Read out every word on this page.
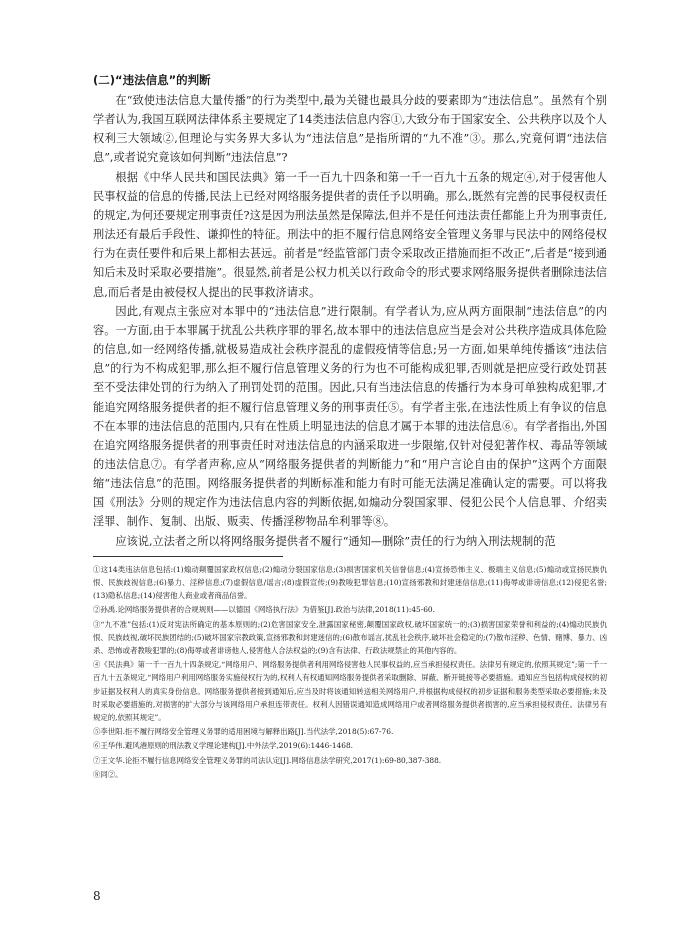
(二)“违法信息”的判断

在“致使违法信息大量传播”的行为类型中,最为关键也最具分歧的要素即为“违法信息”。虽然有个别学者认为,我国互联网法律体系主要规定了14类违法信息内容①,大致分布于国家安全、公共秩序以及个人权利三大领域②,但理论与实务界大多认为“违法信息”是指所谓的“九不准”③。那么,究竟何谓“违法信息”,或者说究竟该如何判断“违法信息”?

根据《中华人民共和国民法典》第一千一百九十四条和第一千一百九十五条的规定④,对于侵害他人民事权益的信息的传播,民法上已经对网络服务提供者的责任予以明确。那么,既然有完善的民事侵权责任的规定,为何还要规定刑事责任?这是因为刑法虽然是保障法,但并不是任何违法责任都能上升为刑事责任,刑法还有最后手段性、谦抑性的特征。刑法中的拒不履行信息网络安全管理义务罪与民法中的网络侵权行为在责任要件和后果上都相去甚远。前者是“经监管部门责令采取改正措施而拒不改正”,后者是“接到通知后未及时采取必要措施”。很显然,前者是公权力机关以行政命令的形式要求网络服务提供者删除违法信息,而后者是由被侵权人提出的民事救济请求。

因此,有观点主张应对本罪中的“违法信息”进行限制。有学者认为,应从两方面限制“违法信息”的内容。一方面,由于本罪属于扰乱公共秩序罪的罪名,故本罪中的违法信息应当是会对公共秩序造成具体危险的信息,如一经网络传播,就极易造成社会秩序混乱的虚假疫情等信息;另一方面,如果单纯传播该“违法信息”的行为不构成犯罪,那么拒不履行信息管理义务的行为也不可能构成犯罪,否则就是把应受行政处罚甚至不受法律处罚的行为纳入了刑罚处罚的范围。因此,只有当违法信息的传播行为本身可单独构成犯罪,才能追究网络服务提供者的拒不履行信息管理义务的刑事责任⑤。有学者主张,在违法性质上有争议的信息不在本罪的违法信息的范围内,只有在性质上明显违法的信息才属于本罪的违法信息⑥。有学者指出,外国在追究网络服务提供者的刑事责任时对违法信息的内涵采取进一步限缩,仅针对侵犯著作权、毒品等领域的违法信息⑦。有学者声称,应从“网络服务提供者的判断能力”和“用户言论自由的保护”这两个方面限缩“违法信息”的范围。网络服务提供者的判断标准和能力有时可能无法满足准确认定的需要。可以将我国《刑法》分则的规定作为违法信息内容的判断依据,如煽动分裂国家罪、侵犯公民个人信息罪、介绍卖淫罪、制作、复制、出版、贩卖、传播淫秽物品牟利罪等⑧。

应该说,立法者之所以将网络服务提供者不履行“通知—删除”责任的行为纳入刑法规制的范

①这14类违法信息包括:(1)煽动颠覆国家政权信息;(2)煽动分裂国家信息;(3)损害国家机关信誉信息;(4)宣扬恐怖主义、极端主义信息;(5)煽动或宣扬民族仇恨、民族歧视信息;(6)暴力、淫秽信息;(7)虚假信息/谣言;(8)虚假宣传;(9)教唆犯罪信息;(10)宣扬邪教和封建迷信信息;(11)侮辱或诽谤信息;(12)侵犯名誉;(13)隐私信息;(14)侵害他人商业或者商品信誉。

②孙禹.论网络服务提供者的合规规则——以德国《网络执行法》为借鉴[J].政治与法律,2018(11):45-60.

③“九不准”包括:(1)反对宪法所确定的基本原则的;(2)危害国家安全,泄露国家秘密,颠覆国家政权,破坏国家统一的;(3)损害国家荣誉和利益的;(4)煽动民族仇恨、民族歧视,破坏民族团结的;(5)破坏国家宗教政策,宣扬邪教和封建迷信的;(6)散布谣言,扰乱社会秩序,破坏社会稳定的;(7)散布淫秽、色情、赌博、暴力、凶杀、恐怖或者教唆犯罪的;(8)侮辱或者诽谤他人,侵害他人合法权益的;(9)含有法律、行政法规禁止的其他内容的。

④《民法典》第一千一百九十四条规定,“网络用户、网络服务提供者利用网络侵害他人民事权益的,应当承担侵权责任。法律另有规定的,依照其规定”;第一千一百九十五条规定,“网络用户利用网络服务实施侵权行为的,权利人有权通知网络服务提供者采取删除、屏蔽、断开链接等必要措施。通知应当包括构成侵权的初步证据及权利人的真实身份信息。网络服务提供者接到通知后,应当及时将该通知转送相关网络用户,并根据构成侵权的初步证据和服务类型采取必要措施;未及时采取必要措施的,对损害的扩大部分与该网络用户承担连带责任。权利人因错误通知造成网络用户或者网络服务提供者损害的,应当承担侵权责任。法律另有规定的,依照其规定”。

⑤李世阳.拒不履行网络安全管理义务罪的适用困境与解释出路[J].当代法学,2018(5):67-76.

⑥王华伟.避风港原则的刑法教义学理论建构[J].中外法学,2019(6):1446-1468.

⑦王文华.论拒不履行信息网络安全管理义务罪的司法认定[J].网络信息法学研究,2017(1):69-80,387-388.

⑧同②。

8
